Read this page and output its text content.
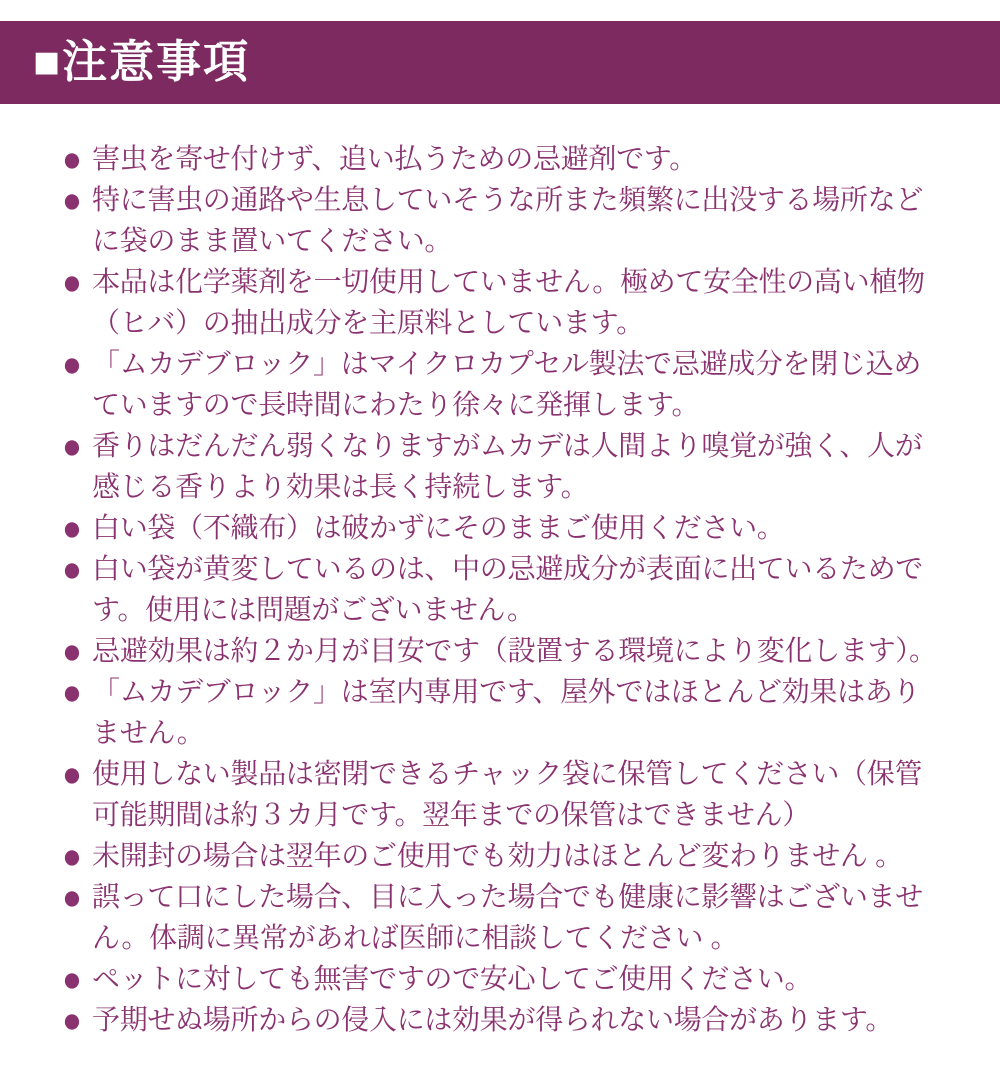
■注意事項
● 害虫を寄せ付けず、追い払うための忌避剤です。
● 特に害虫の通路や生息していそうな所また頻繁に出没する場所などに袋のまま置いてください。
● 本品は化学薬剤を一切使用していません。極めて安全性の高い植物（ヒバ）の抽出成分を主原料としています。
● 「ムカデブロック」はマイクロカプセル製法で忌避成分を閉じ込めていますので長時間にわたり徐々に発揮します。
● 香りはだんだん弱くなりますがムカデは人間より嗅覚が強く、人が感じる香りより効果は長く持続します。
● 白い袋（不織布）は破かずにそのままご使用ください。
● 白い袋が黄変しているのは、中の忌避成分が表面に出ているためです。使用には問題がございません。
● 忌避効果は約２か月が目安です（設置する環境により変化します）。
● 「ムカデブロック」は室内専用です、屋外ではほとんど効果はありません。
● 使用しない製品は密閉できるチャック袋に保管してください（保管可能期間は約３カ月です。翌年までの保管はできません）
● 未開封の場合は翌年のご使用でも効力はほとんど変わりません 。
● 誤って口にした場合、目に入った場合でも健康に影響はございません。体調に異常があれば医師に相談してください 。
● ペットに対しても無害ですので安心してご使用ください。
● 予期せぬ場所からの侵入には効果が得られない場合があります。
